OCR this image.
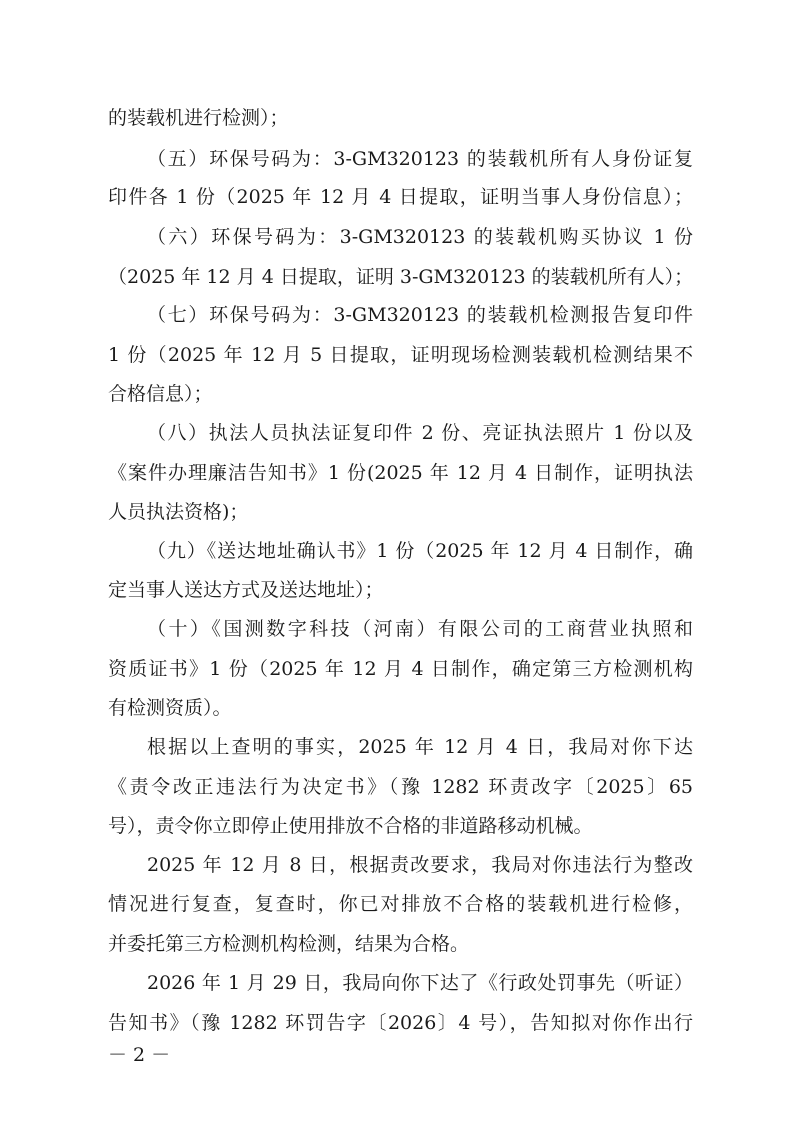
的装载机进行检测）；
（五）环保号码为：3-GM320123 的装载机所有人身份证复
印件各 1 份（2025 年 12 月 4 日提取，证明当事人身份信息）；
（六）环保号码为：3-GM320123 的装载机购买协议 1 份
（2025 年 12 月 4 日提取，证明 3-GM320123 的装载机所有人）；
（七）环保号码为：3-GM320123 的装载机检测报告复印件
1 份（2025 年 12 月 5 日提取，证明现场检测装载机检测结果不
合格信息）；
（八）执法人员执法证复印件 2 份、亮证执法照片 1 份以及
《案件办理廉洁告知书》1 份(2025 年 12 月 4 日制作，证明执法
人员执法资格)；
（九）《送达地址确认书》1 份（2025 年 12 月 4 日制作，确
定当事人送达方式及送达地址）；
（十）《国测数字科技（河南）有限公司的工商营业执照和
资质证书》1 份（2025 年 12 月 4 日制作，确定第三方检测机构
有检测资质）。
根据以上查明的事实，2025 年 12 月 4 日，我局对你下达
《责令改正违法行为决定书》（豫 1282 环责改字〔2025〕65
号），责令你立即停止使用排放不合格的非道路移动机械。
2025 年 12 月 8 日，根据责改要求，我局对你违法行为整改
情况进行复查，复查时，你已对排放不合格的装载机进行检修，
并委托第三方检测机构检测，结果为合格。
2026 年 1 月 29 日，我局向你下达了《行政处罚事先（听证）
告知书》（豫 1282 环罚告字〔2026〕4 号），告知拟对你作出行
－ 2 －
